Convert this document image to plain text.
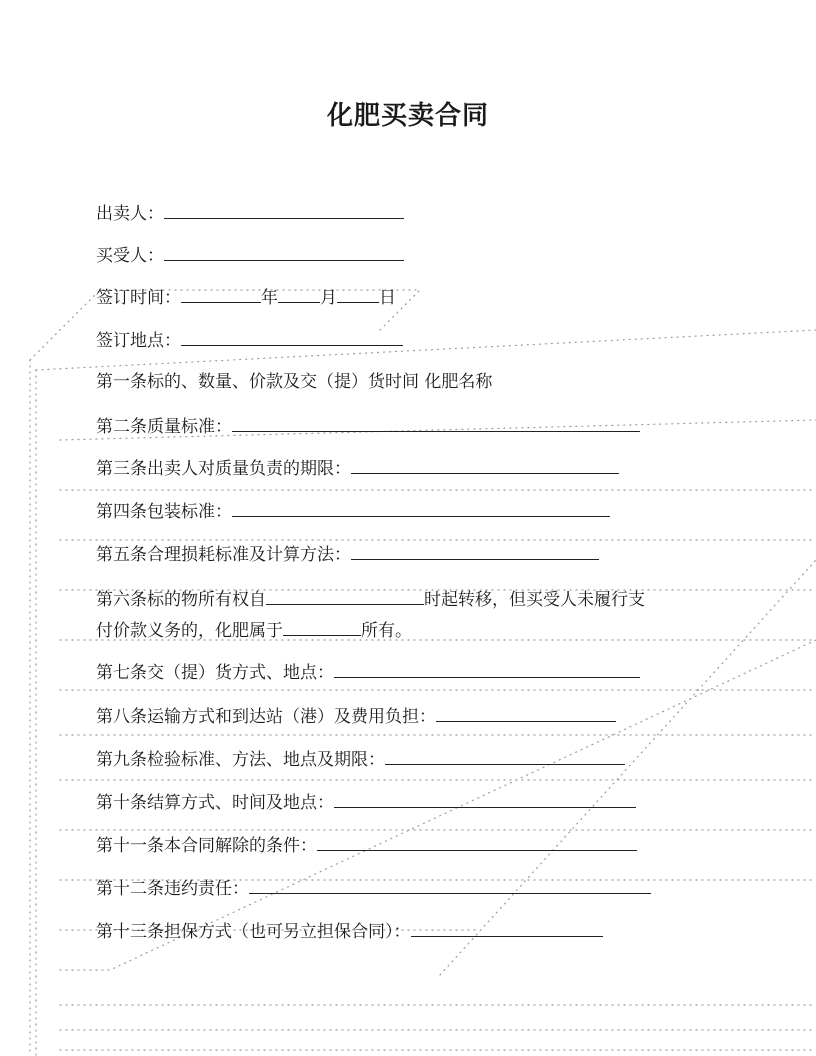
化肥买卖合同
出卖人：
买受人：
签订时间：	年 月 日
签订地点：
第一条标的、数量、价款及交（提）货时间 化肥名称
第二条质量标准：
第三条出卖人对质量负责的期限：
第四条包装标准：
第五条合理损耗标准及计算方法：
第六条标的物所有权自	时起转移，但买受人未履行支
付价款义务的，化肥属于	所有。
第七条交（提）货方式、地点：
第八条运输方式和到达站（港）及费用负担：
第九条检验标准、方法、地点及期限：
第十条结算方式、时间及地点：
第十一条本合同解除的条件：
第十二条违约责任：
第十三条担保方式（也可另立担保合同）：
